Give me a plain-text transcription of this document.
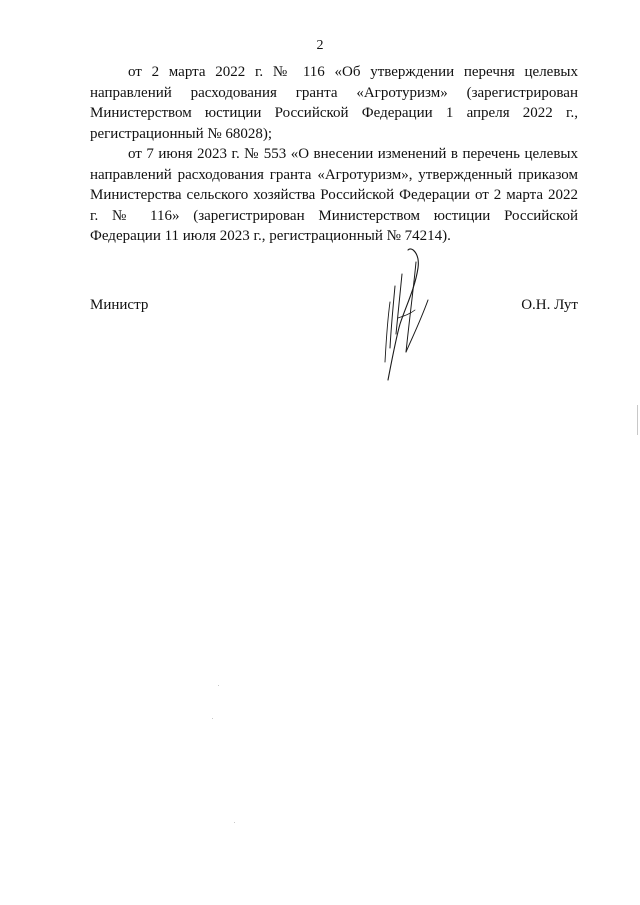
2

от 2 марта 2022 г. № 116 «Об утверждении перечня целевых направлений расходования гранта «Агротуризм» (зарегистрирован Министерством юстиции Российской Федерации 1 апреля 2022 г., регистрационный № 68028);

от 7 июня 2023 г. № 553 «О внесении изменений в перечень целевых направлений расходования гранта «Агротуризм», утвержденный приказом Министерства сельского хозяйства Российской Федерации от 2 марта 2022 г. № 116» (зарегистрирован Министерством юстиции Российской Федерации 11 июля 2023 г., регистрационный № 74214).

Министр	О.Н. Лут
